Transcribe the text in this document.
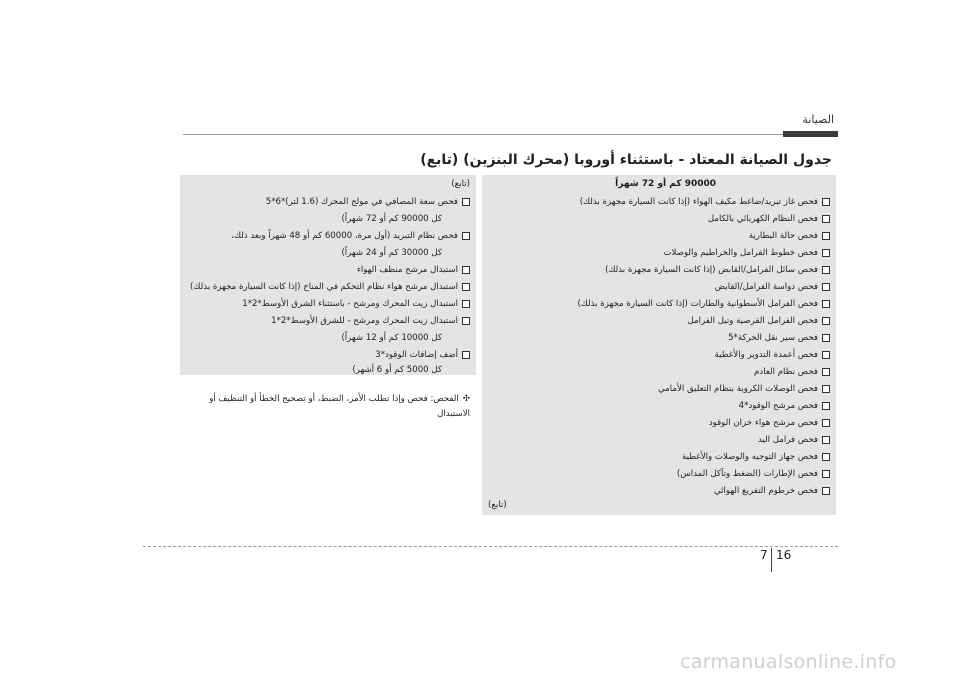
الصيانة
جدول الصيانة المعتاد - باستثناء أوروبا (محرك البنزين) (تابع)
90000 كم أو 72 شهراً
فحص غاز تبريد/ضاغط مكيف الهواء (إذا كانت السيارة مجهزة بذلك)
فحص النظام الكهربائي بالكامل
فحص حالة البطارية
فحص خطوط الفرامل والخراطيم والوصلات
فحص سائل الفرامل/القابض (إذا كانت السيارة مجهزة بذلك)
فحص دواسة الفرامل/القابض
فحص الفرامل الأسطوانية والطارات (إذا كانت السيارة مجهزة بذلك)
فحص الفرامل القرصية وتيل الفرامل
فحص سير نقل الحركة*5
فحص أعمدة التدوير والأغطية
فحص نظام العادم
فحص الوصلات الكروية بنظام التعليق الأمامي
فحص مرشح الوقود*4
فحص مرشح هواء خزان الوقود
فحص فرامل اليد
فحص جهاز التوجيه والوصلات والأغطية
فحص الإطارات (الضغط وتآكل المداس)
فحص خرطوم التفريغ الهوائي
(تابع)
(تابع)
فحص سعة المصافي في مولج المحرك (1.6 لتر)*6*5
كل 90000 كم أو 72 شهراً)
فحص نظام التبريد (أول مرة، 60000 كم أو 48 شهراً وبعد ذلك،
كل 30000 كم أو 24 شهراً)
استبدال مرشح منظف الهواء
استبدال مرشح هواء نظام التحكم في المناخ (إذا كانت السيارة مجهزة بذلك)
استبدال زيت المحرك ومرشح - باستثناء الشرق الأوسط*2*1
استبدال زيت المحرك ومرشح - للشرق الأوسط*2*1
كل 10000 كم أو 12 شهراً)
أضف إضافات الوقود*3
كل 5000 كم أو 6 أشهر)
✣الفحص: فحص وإذا تطلب الأمر، الضبط، أو تصحيح الخطأ أو التنظيف أو الاستبدال
7 16
carmanualsonline.info
